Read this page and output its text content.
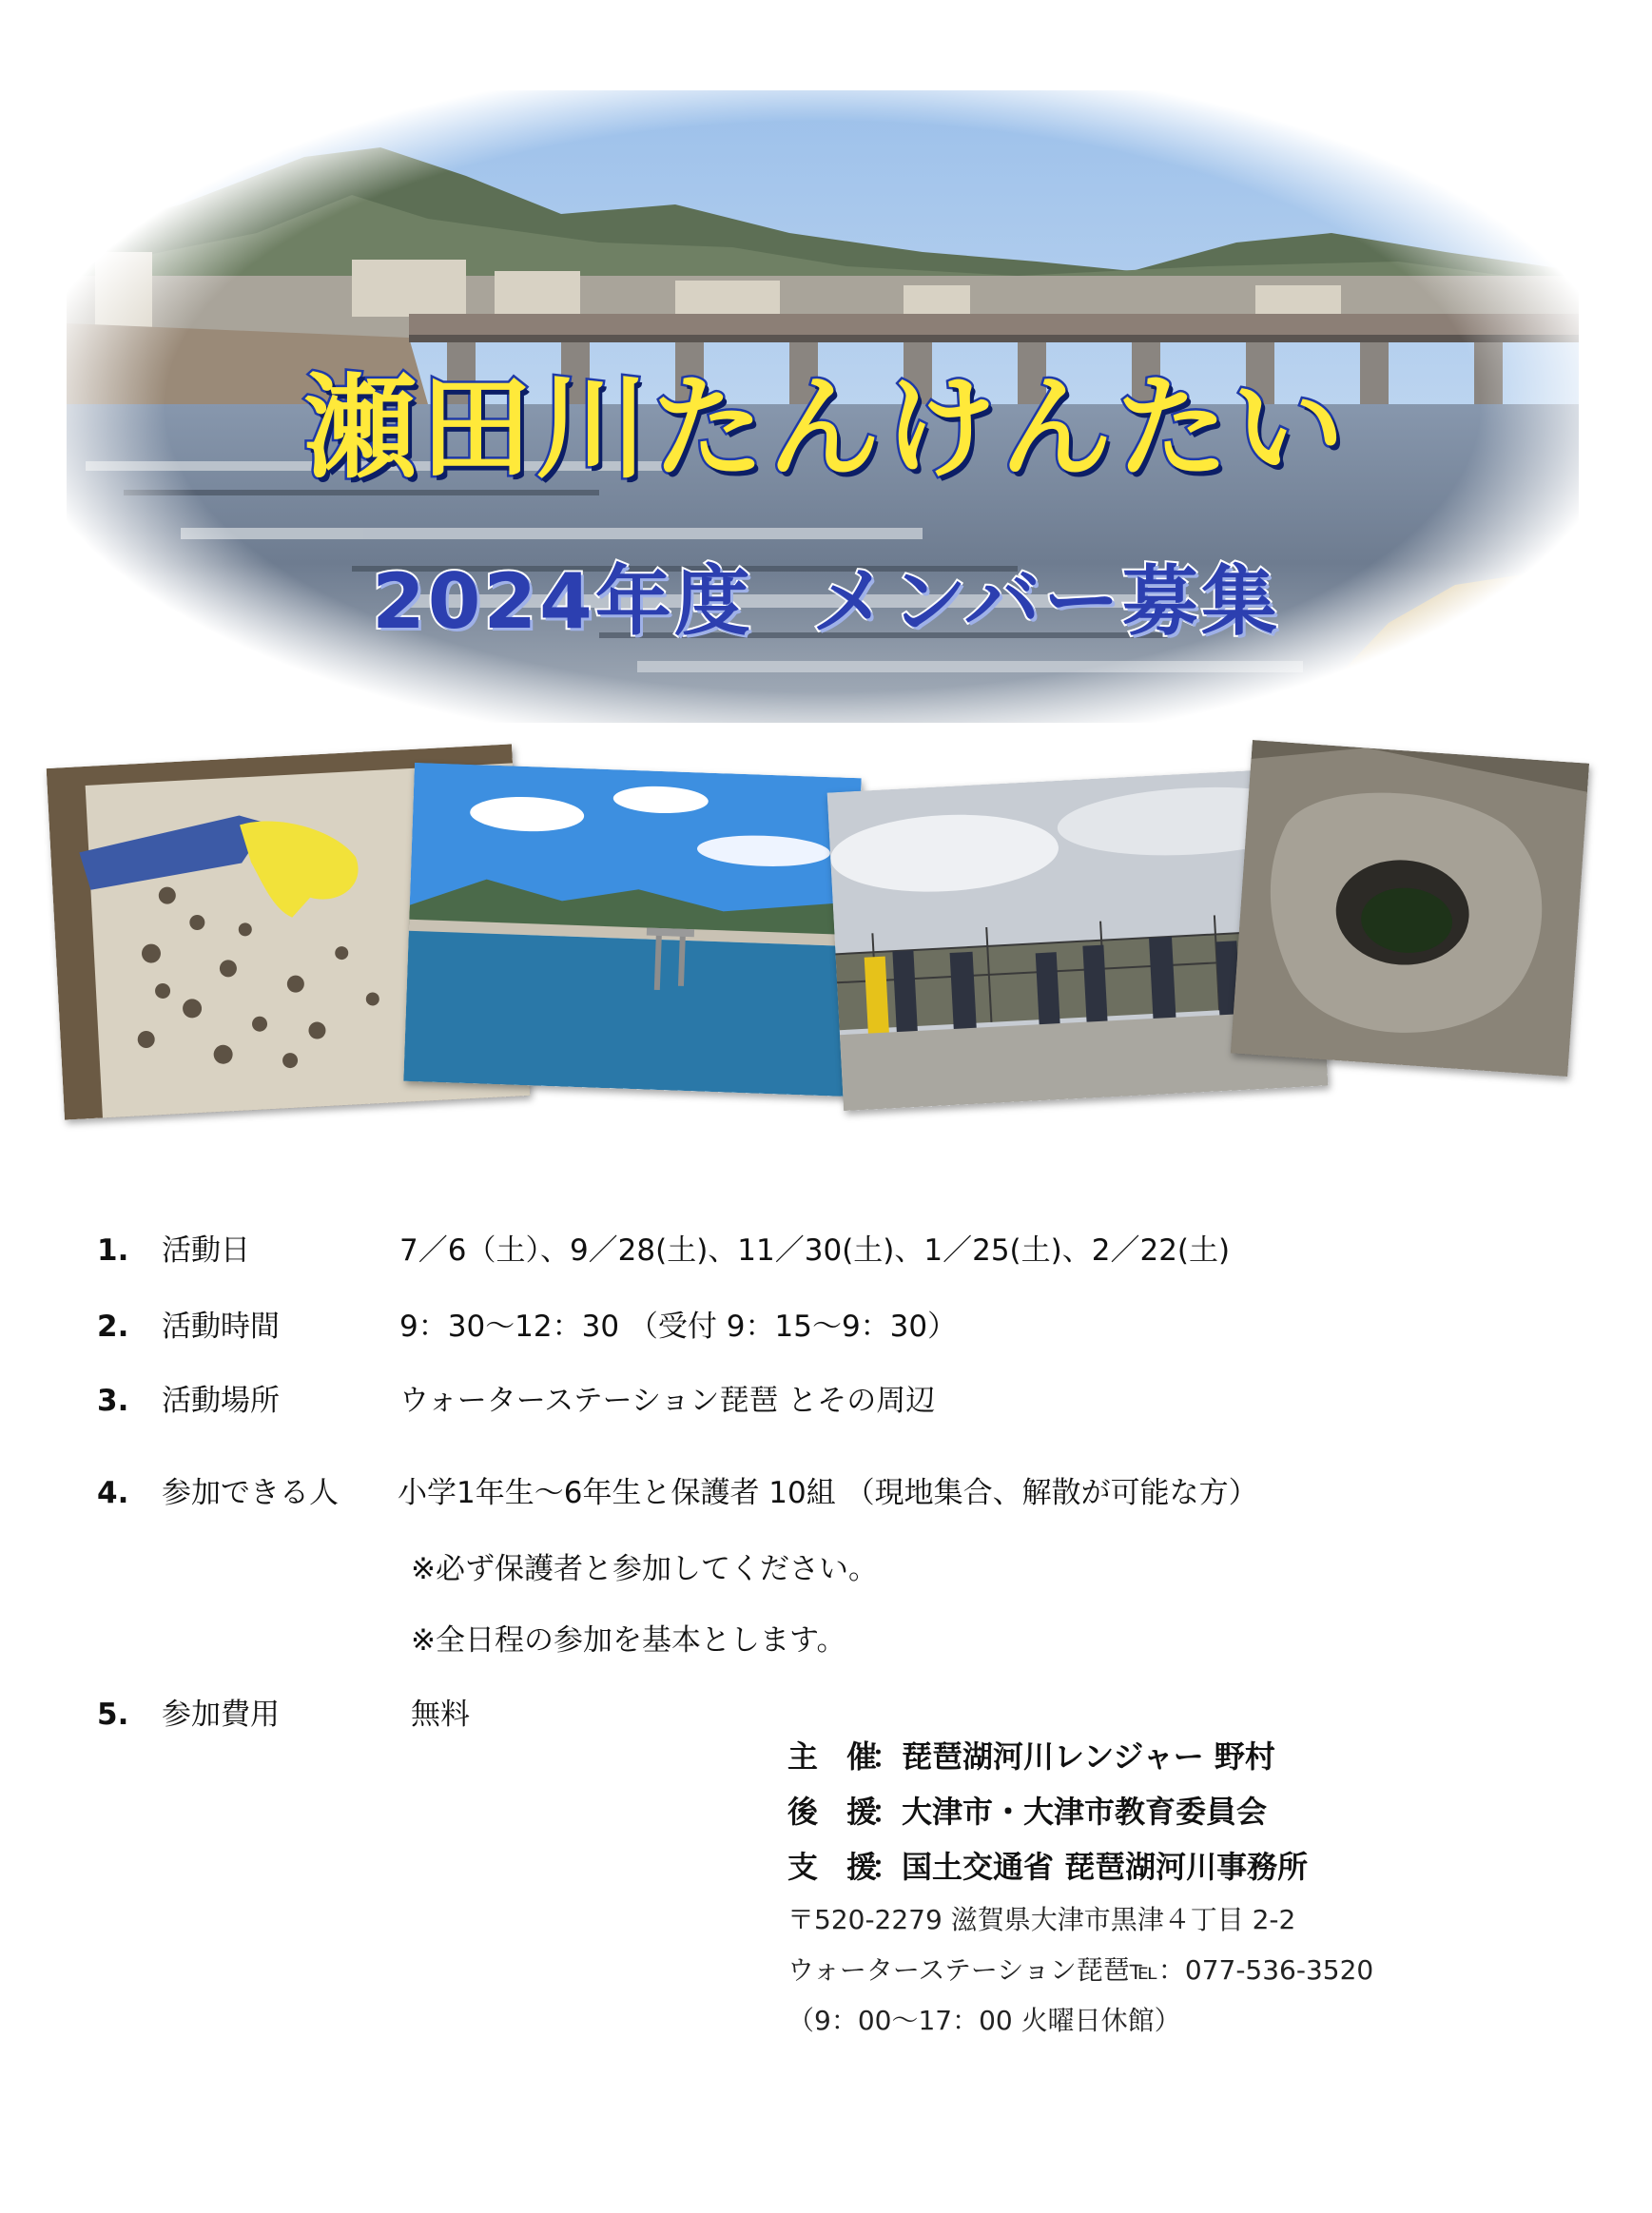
瀬田川たんけんたい
2024年度 メンバー募集
1. 活動日	7／6（土）、9／28(土)、11／30(土)、1／25(土)、2／22(土)
2. 活動時間	9：30～12：30 （受付 9：15～9：30）
3. 活動場所	ウォーターステーション琵琶 とその周辺
4. 参加できる人 小学1年生～6年生と保護者 10組 （現地集合、解散が可能な方）
※必ず保護者と参加してください。
※全日程の参加を基本とします。
5. 参加費用	無料
主催：琵琶湖河川レンジャー 野村
後援：大津市・大津市教育委員会
支援：国土交通省 琵琶湖河川事務所
〒520-2279 滋賀県大津市黒津４丁目 2-2
ウォーターステーション琵琶℡：077-536-3520
（9：00～17：00 火曜日休館）
